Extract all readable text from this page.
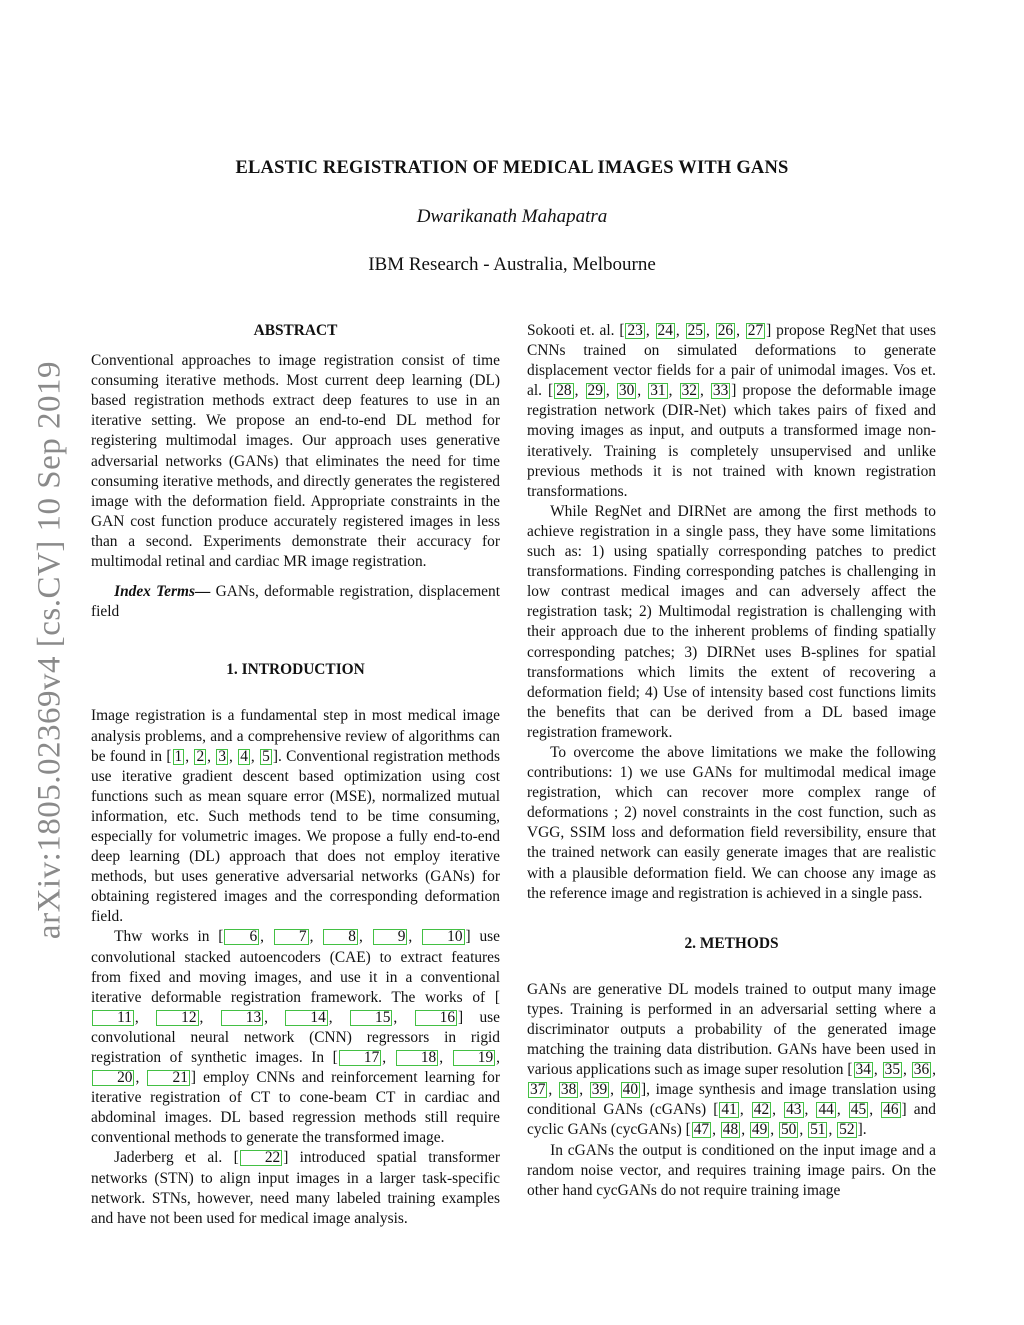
arXiv:1805.02369v4 [cs.CV] 10 Sep 2019
ELASTIC REGISTRATION OF MEDICAL IMAGES WITH GANS
Dwarikanath Mahapatra
IBM Research - Australia, Melbourne
ABSTRACT

Conventional approaches to image registration consist of time consuming iterative methods. Most current deep learning (DL) based registration methods extract deep features to use in an iterative setting. We propose an end-to-end DL method for registering multimodal images. Our approach uses generative adversarial networks (GANs) that eliminates the need for time consuming iterative methods, and directly generates the registered image with the deformation field. Appropriate constraints in the GAN cost function produce accurately registered images in less than a second. Experiments demonstrate their accuracy for multimodal retinal and cardiac MR image registration.

Index Terms— GANs, deformable registration, displacement field

1. INTRODUCTION

Image registration is a fundamental step in most medical image analysis problems, and a comprehensive review of algorithms can be found in [ 1 , 2 , 3 , 4 , 5 ]. Conventional registration methods use iterative gradient descent based optimization using cost functions such as mean square error (MSE), normalized mutual information, etc. Such methods tend to be time consuming, especially for volumetric images. We propose a fully end-to-end deep learning (DL) approach that does not employ iterative methods, but uses generative adversarial networks (GANs) for obtaining registered images and the corresponding deformation field.

Thw works in [ 6 , 7 , 8 , 9 , 10 ] use convolutional stacked autoencoders (CAE) to extract features from fixed and moving images, and use it in a conventional iterative deformable registration framework. The works of [11 , 12 , 13 , 14 , 15 , 16 ] use convolutional neural network (CNN) regressors in rigid registration of synthetic images. In [ 17 , 18 , 19 , 20 , 21 ] employ CNNs and reinforcement learning for iterative registration of CT to cone-beam CT in cardiac and abdominal images. DL based regression methods still require conventional methods to generate the transformed image.

Jaderberg et al. [ 22 ] introduced spatial transformer networks (STN) to align input images in a larger task-specific network. STNs, however, need many labeled training examples and have not been used for medical image analysis.

Sokooti et. al. [ 23 , 24 , 25 , 26 , 27 ] propose RegNet that uses CNNs trained on simulated deformations to generate displacement vector fields for a pair of unimodal images. Vos et. al. [ 28 , 29 , 30 , 31 , 32 , 33 ] propose the deformable image registration network (DIR-Net) which takes pairs of fixed and moving images as input, and outputs a transformed image non-iteratively. Training is completely unsupervised and unlike previous methods it is not trained with known registration transformations.

While RegNet and DIRNet are among the first methods to achieve registration in a single pass, they have some limitations such as: 1) using spatially corresponding patches to predict transformations. Finding corresponding patches is challenging in low contrast medical images and can adversely affect the registration task; 2) Multimodal registration is challenging with their approach due to the inherent problems of finding spatially corresponding patches; 3) DIRNet uses B-splines for spatial transformations which limits the extent of recovering a deformation field; 4) Use of intensity based cost functions limits the benefits that can be derived from a DL based image registration framework.

To overcome the above limitations we make the following contributions: 1) we use GANs for multimodal medical image registration, which can recover more complex range of deformations ; 2) novel constraints in the cost function, such as VGG, SSIM loss and deformation field reversibility, ensure that the trained network can easily generate images that are realistic with a plausible deformation field. We can choose any image as the reference image and registration is achieved in a single pass.

2. METHODS

GANs are generative DL models trained to output many image types. Training is performed in an adversarial setting where a discriminator outputs a probability of the generated image matching the training data distribution. GANs have been used in various applications such as image super resolution [ 34 , 35 , 36 , 37 , 38 , 39 , 40 ], image synthesis and image translation using conditional GANs (cGANs) [ 41 , 42 , 43 , 44 , 45 , 46 ] and cyclic GANs (cycGANs) [ 47 , 48 , 49 , 50 , 51 , 52 ].

In cGANs the output is conditioned on the input image and a random noise vector, and requires training image pairs. On the other hand cycGANs do not require training image
